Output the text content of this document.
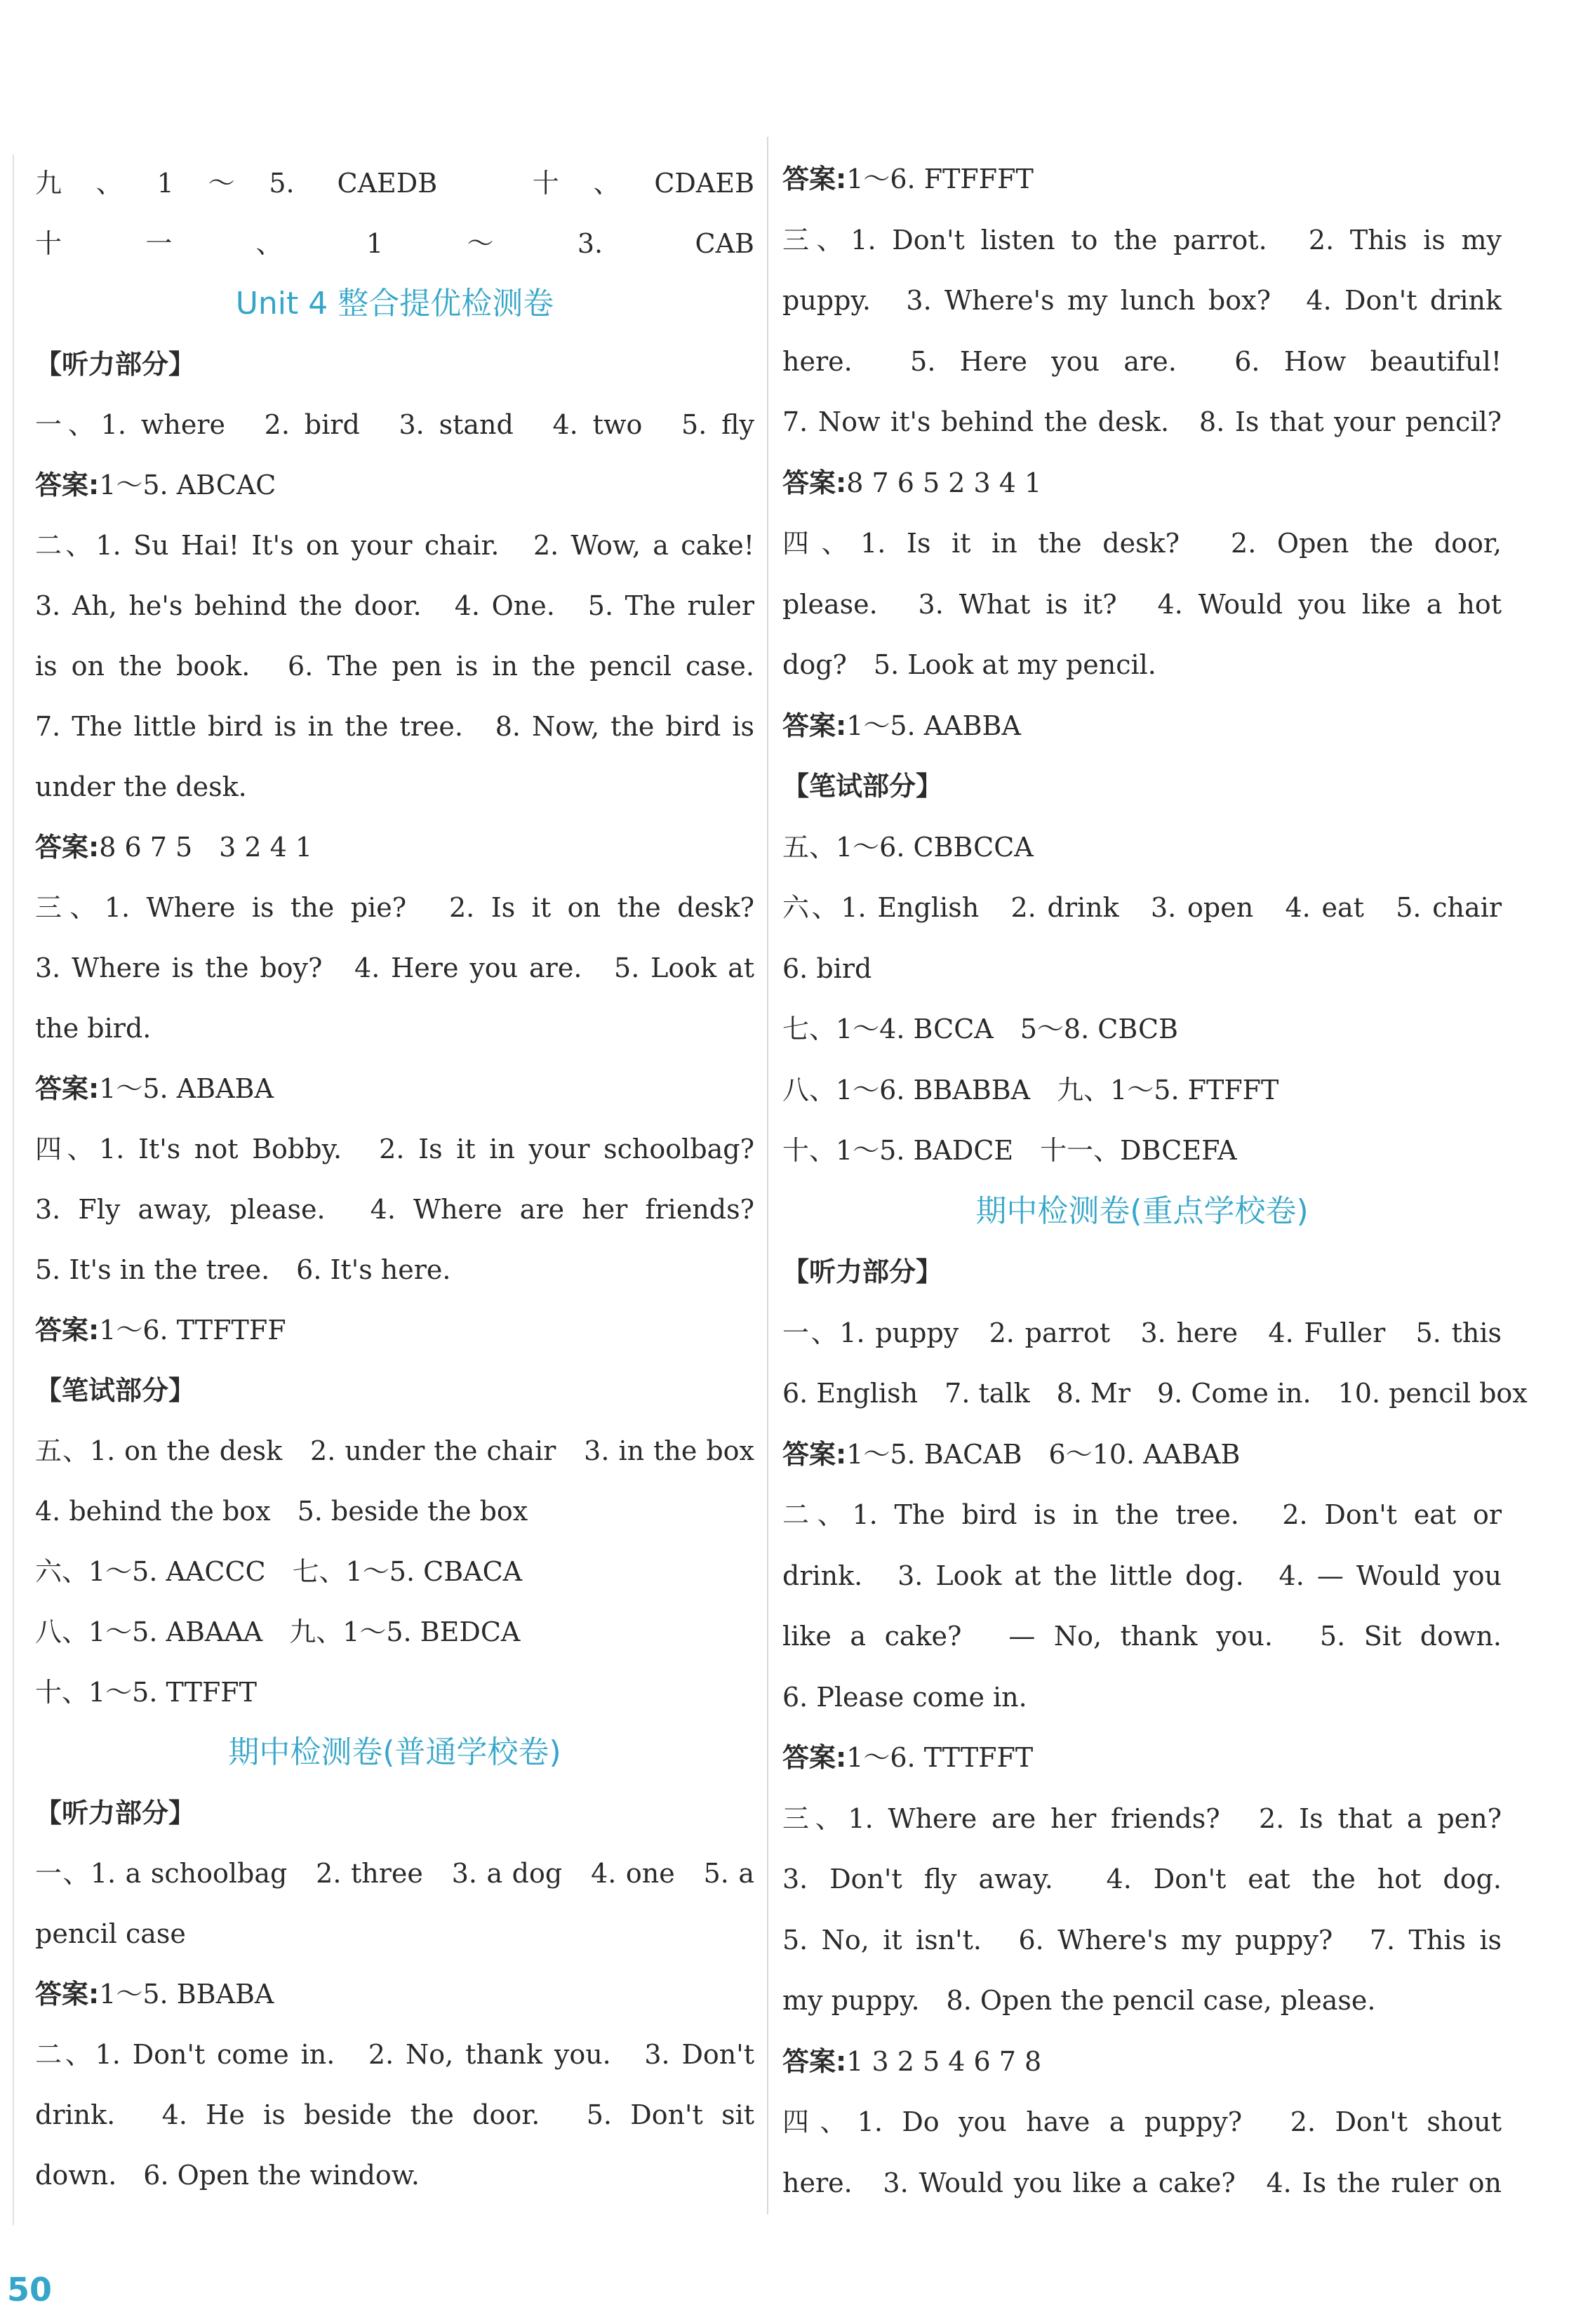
九、1～5. CAEDB　十、CDAEB
十一、1～3. CAB
Unit 4 整合提优检测卷
【听力部分】
一、1. where　2. bird　3. stand　4. two　5. fly
答案:1～5. ABCAC
二、1. Su Hai! It's on your chair.　2. Wow, a cake!
3. Ah, he's behind the door.　4. One.　5. The ruler
is on the book.　6. The pen is in the pencil case.
7. The little bird is in the tree.　8. Now, the bird is
under the desk.
答案:8 6 7 5　3 2 4 1
三、1. Where is the pie?　2. Is it on the desk?
3. Where is the boy?　4. Here you are.　5. Look at
the bird.
答案:1～5. ABABA
四、1. It's not Bobby.　2. Is it in your schoolbag?
3. Fly away, please.　4. Where are her friends?
5. It's in the tree.　6. It's here.
答案:1～6. TTFTFF
【笔试部分】
五、1. on the desk　2. under the chair　3. in the box
4. behind the box　5. beside the box
六、1～5. AACCC　七、1～5. CBACA
八、1～5. ABAAA　九、1～5. BEDCA
十、1～5. TTFFT
期中检测卷(普通学校卷)
【听力部分】
一、1. a schoolbag　2. three　3. a dog　4. one　5. a
pencil case
答案:1～5. BBABA
二、1. Don't come in.　2. No, thank you.　3. Don't
drink.　4. He is beside the door.　5. Don't sit
down.　6. Open the window.
答案:1～6. FTFFFT
三、1. Don't listen to the parrot.　2. This is my
puppy.　3. Where's my lunch box?　4. Don't drink
here.　5. Here you are.　6. How beautiful!
7. Now it's behind the desk.　8. Is that your pencil?
答案:8 7 6 5 2 3 4 1
四、1. Is it in the desk?　2. Open the door,
please.　3. What is it?　4. Would you like a hot
dog?　5. Look at my pencil.
答案:1～5. AABBA
【笔试部分】
五、1～6. CBBCCA
六、1. English　2. drink　3. open　4. eat　5. chair
6. bird
七、1～4. BCCA　5～8. CBCB
八、1～6. BBABBA　九、1～5. FTFFT
十、1～5. BADCE　十一、DBCEFA
期中检测卷(重点学校卷)
【听力部分】
一、1. puppy　2. parrot　3. here　4. Fuller　5. this
6. English　7. talk　8. Mr　9. Come in.　10. pencil box
答案:1～5. BACAB　6～10. AABAB
二、1. The bird is in the tree.　2. Don't eat or
drink.　3. Look at the little dog.　4. — Would you
like a cake?　— No, thank you.　5. Sit down.
6. Please come in.
答案:1～6. TTTFFT
三、1. Where are her friends?　2. Is that a pen?
3. Don't fly away.　4. Don't eat the hot dog.
5. No, it isn't.　6. Where's my puppy?　7. This is
my puppy.　8. Open the pencil case, please.
答案:1 3 2 5 4 6 7 8
四、1. Do you have a puppy?　2. Don't shout
here.　3. Would you like a cake?　4. Is the ruler on
50
